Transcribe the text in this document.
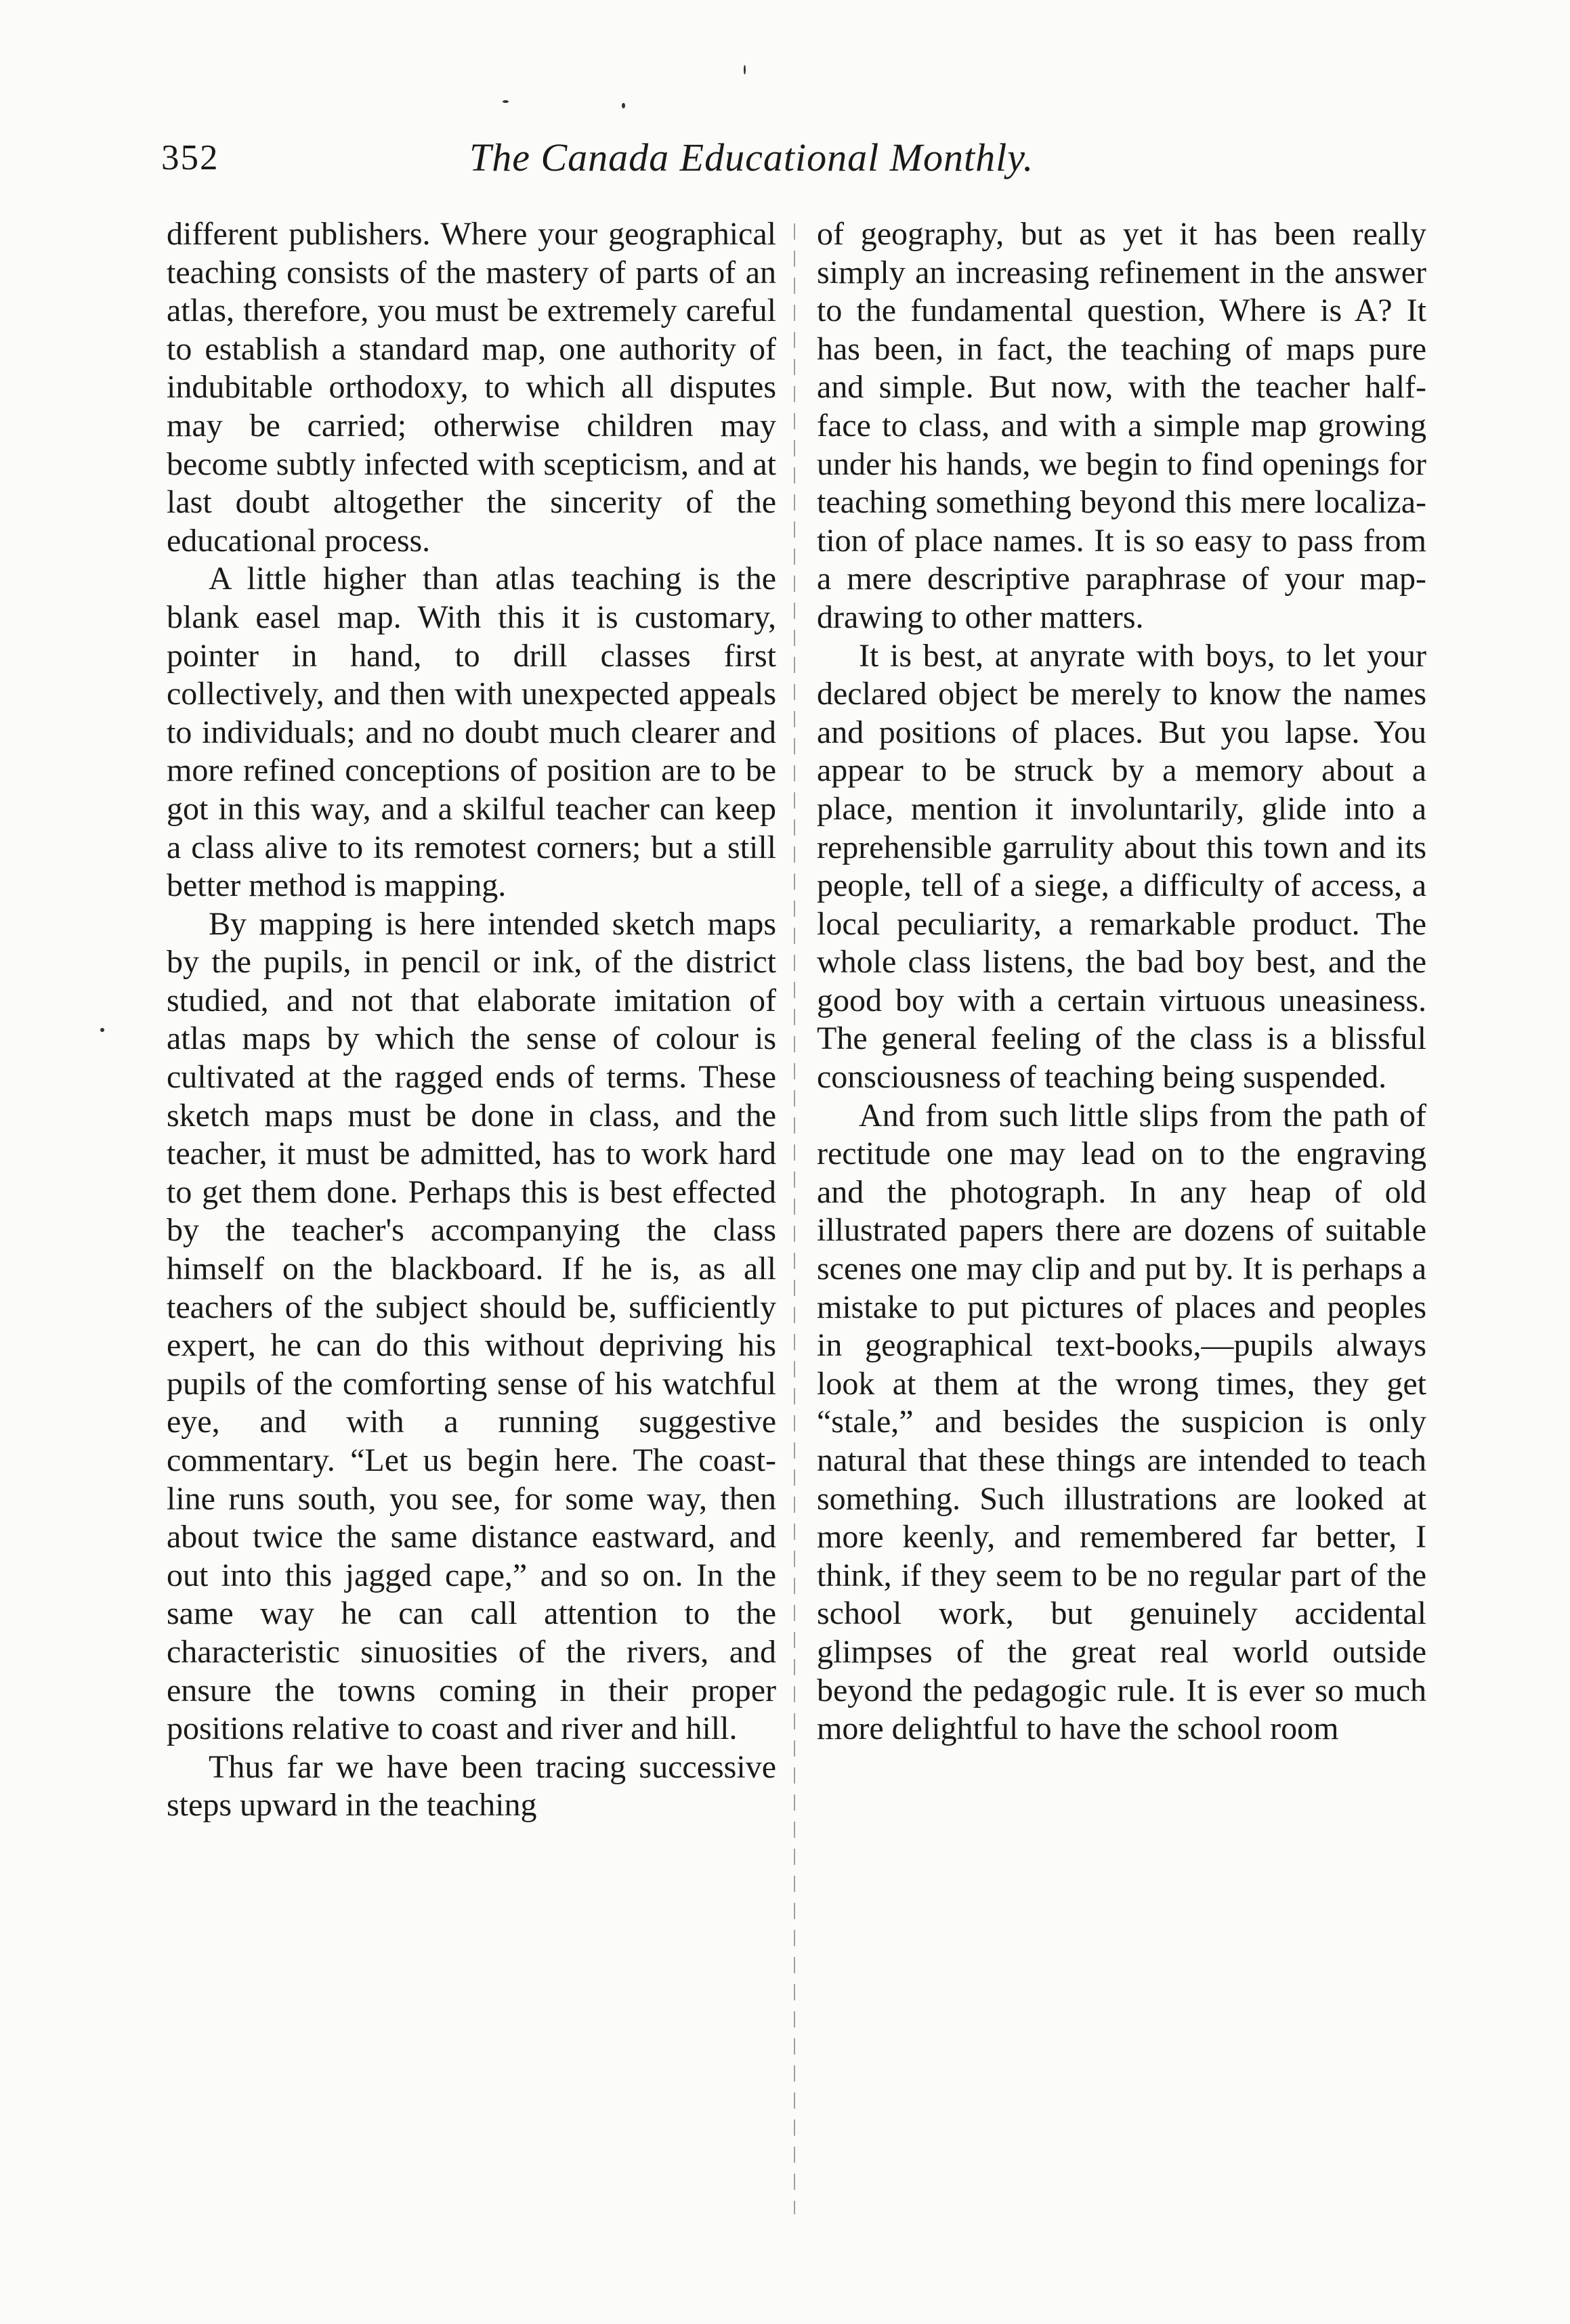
352	The Canada Educational Monthly.

different publishers. Where your geographical teaching consists of the mastery of parts of an atlas, therefore, you must be extremely careful to establish a standard map, one authority of indubitable orthodoxy, to which all disputes may be carried; otherwise children may become subtly infected with scepticism, and at last doubt altogether the sincerity of the educational process.

A little higher than atlas teaching is the blank easel map. With this it is customary, pointer in hand, to drill classes first collectively, and then with unexpected appeals to individuals; and no doubt much clearer and more refined conceptions of position are to be got in this way, and a skilful teacher can keep a class alive to its remotest corners; but a still better method is mapping.

By mapping is here intended sketch maps by the pupils, in pencil or ink, of the district studied, and not that elaborate imitation of atlas maps by which the sense of colour is cultivated at the ragged ends of terms. These sketch maps must be done in class, and the teacher, it must be admitted, has to work hard to get them done. Perhaps this is best effected by the teacher's accompanying the class himself on the blackboard. If he is, as all teachers of the subject should be, sufficiently expert, he can do this without depriving his pupils of the comforting sense of his watchful eye, and with a running suggestive commentary. “Let us begin here. The coast-line runs south, you see, for some way, then about twice the same distance eastward, and out into this jagged cape,” and so on. In the same way he can call attention to the characteristic sinuosities of the rivers, and ensure the towns coming in their proper positions relative to coast and river and hill.

Thus far we have been tracing successive steps upward in the teaching

of geography, but as yet it has been really simply an increasing refinement in the answer to the fundamental question, Where is A? It has been, in fact, the teaching of maps pure and simple. But now, with the teacher half-face to class, and with a simple map growing under his hands, we begin to find openings for teaching something beyond this mere localization of place names. It is so easy to pass from a mere descriptive paraphrase of your map-drawing to other matters.

It is best, at anyrate with boys, to let your declared object be merely to know the names and positions of places. But you lapse. You appear to be struck by a memory about a place, mention it involuntarily, glide into a reprehensible garrulity about this town and its people, tell of a siege, a difficulty of access, a local peculiarity, a remarkable product. The whole class listens, the bad boy best, and the good boy with a certain virtuous uneasiness. The general feeling of the class is a blissful consciousness of teaching being suspended.

And from such little slips from the path of rectitude one may lead on to the engraving and the photograph. In any heap of old illustrated papers there are dozens of suitable scenes one may clip and put by. It is perhaps a mistake to put pictures of places and peoples in geographical text-books,—pupils always look at them at the wrong times, they get “stale,” and besides the suspicion is only natural that these things are intended to teach something. Such illustrations are looked at more keenly, and remembered far better, I think, if they seem to be no regular part of the school work, but genuinely accidental glimpses of the great real world outside beyond the pedagogic rule. It is ever so much more delightful to have the school room
